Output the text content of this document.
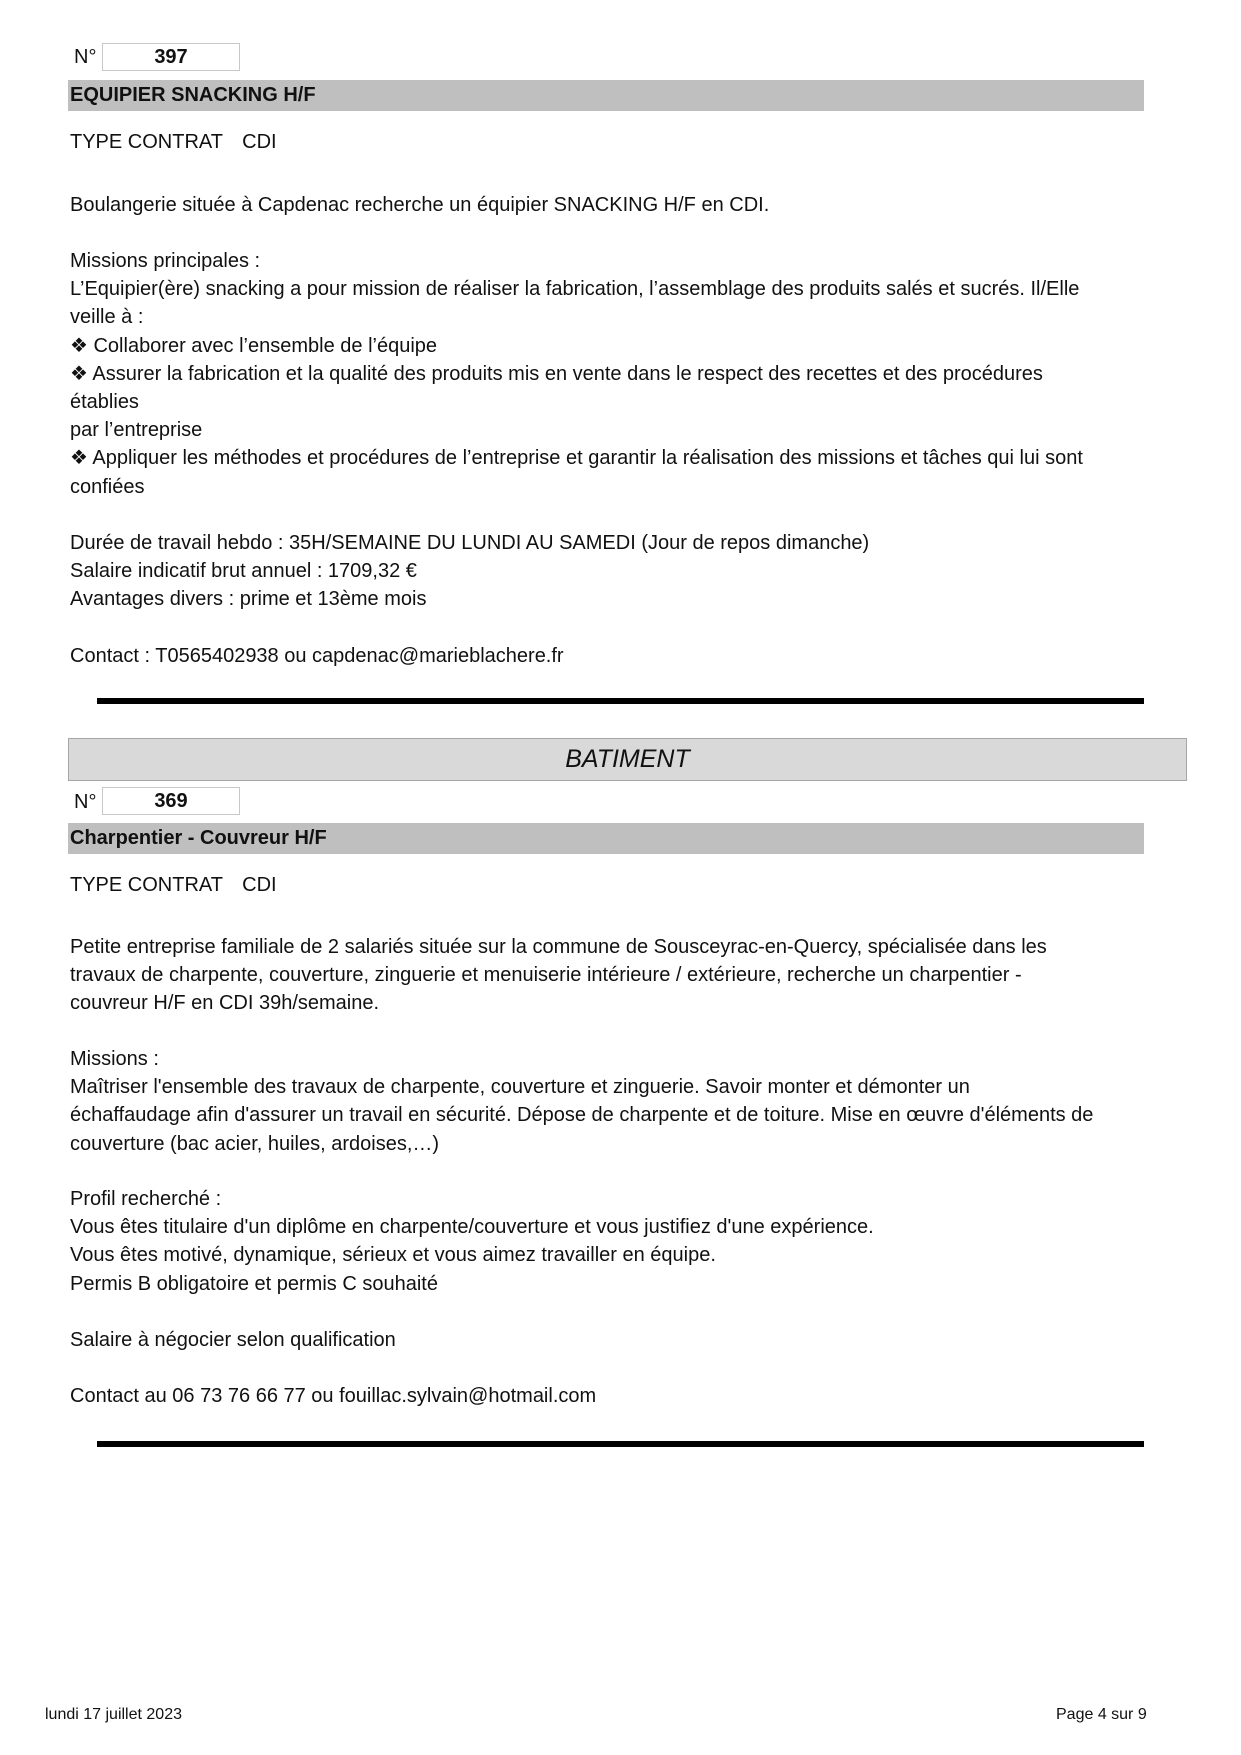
N°	397
EQUIPIER SNACKING H/F
TYPE CONTRAT CDI
Boulangerie située à Capdenac recherche un équipier SNACKING H/F en CDI.
Missions principales :
L’Equipier(ère) snacking a pour mission de réaliser la fabrication, l’assemblage des produits salés et sucrés. Il/Elle
veille à :
❖ Collaborer avec l’ensemble de l’équipe
❖ Assurer la fabrication et la qualité des produits mis en vente dans le respect des recettes et des procédures
établies
par l’entreprise
❖ Appliquer les méthodes et procédures de l’entreprise et garantir la réalisation des missions et tâches qui lui sont
confiées
Durée de travail hebdo : 35H/SEMAINE DU LUNDI AU SAMEDI (Jour de repos dimanche)
Salaire indicatif brut annuel : 1709,32 €
Avantages divers : prime et 13ème mois
Contact : T0565402938 ou capdenac@marieblachere.fr
BATIMENT
N°	369
Charpentier - Couvreur H/F
TYPE CONTRAT CDI
Petite entreprise familiale de 2 salariés située sur la commune de Sousceyrac-en-Quercy, spécialisée dans les
travaux de charpente, couverture, zinguerie et menuiserie intérieure / extérieure, recherche un charpentier -
couvreur H/F en CDI 39h/semaine.
Missions :
Maîtriser l'ensemble des travaux de charpente, couverture et zinguerie. Savoir monter et démonter un
échaffaudage afin d'assurer un travail en sécurité. Dépose de charpente et de toiture. Mise en œuvre d'éléments de
couverture (bac acier, huiles, ardoises,…)
Profil recherché :
Vous êtes titulaire d'un diplôme en charpente/couverture et vous justifiez d'une expérience.
Vous êtes motivé, dynamique, sérieux et vous aimez travailler en équipe.
Permis B obligatoire et permis C souhaité
Salaire à négocier selon qualification
Contact au 06 73 76 66 77 ou fouillac.sylvain@hotmail.com
lundi 17 juillet 2023	Page 4 sur 9
